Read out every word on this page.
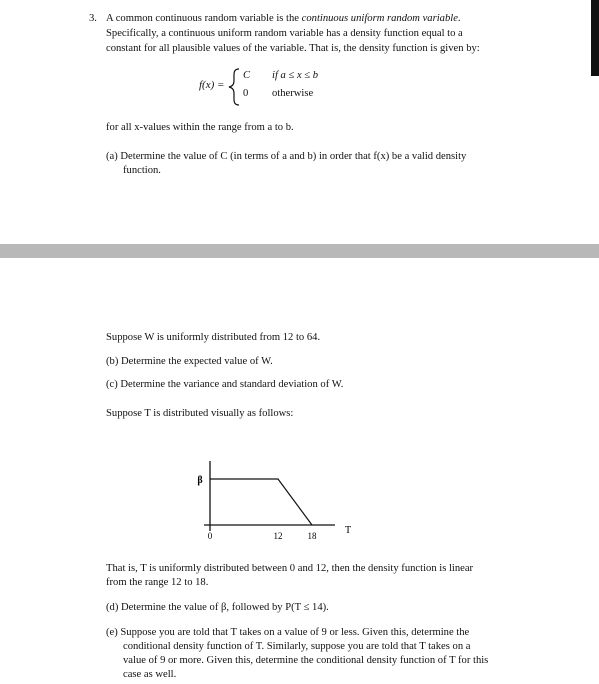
3. A common continuous random variable is the continuous uniform random variable.
Specifically, a continuous uniform random variable has a density function equal to a
constant for all plausible values of the variable. That is, the density function is given by:
f(x) =
C if a ≤ x ≤ b
0 otherwise
for all x-values within the range from a to b.
(a) Determine the value of C (in terms of a and b) in order that f(x) be a valid density
function.
Suppose W is uniformly distributed from 12 to 64.
(b) Determine the expected value of W.
(c) Determine the variance and standard deviation of W.
Suppose T is distributed visually as follows:
β
T
0	12	18
That is, T is uniformly distributed between 0 and 12, then the density function is linear
from the range 12 to 18.
(d) Determine the value of β, followed by P(T ≤ 14).
(e) Suppose you are told that T takes on a value of 9 or less. Given this, determine the
conditional density function of T. Similarly, suppose you are told that T takes on a
value of 9 or more. Given this, determine the conditional density function of T for this
case as well.
